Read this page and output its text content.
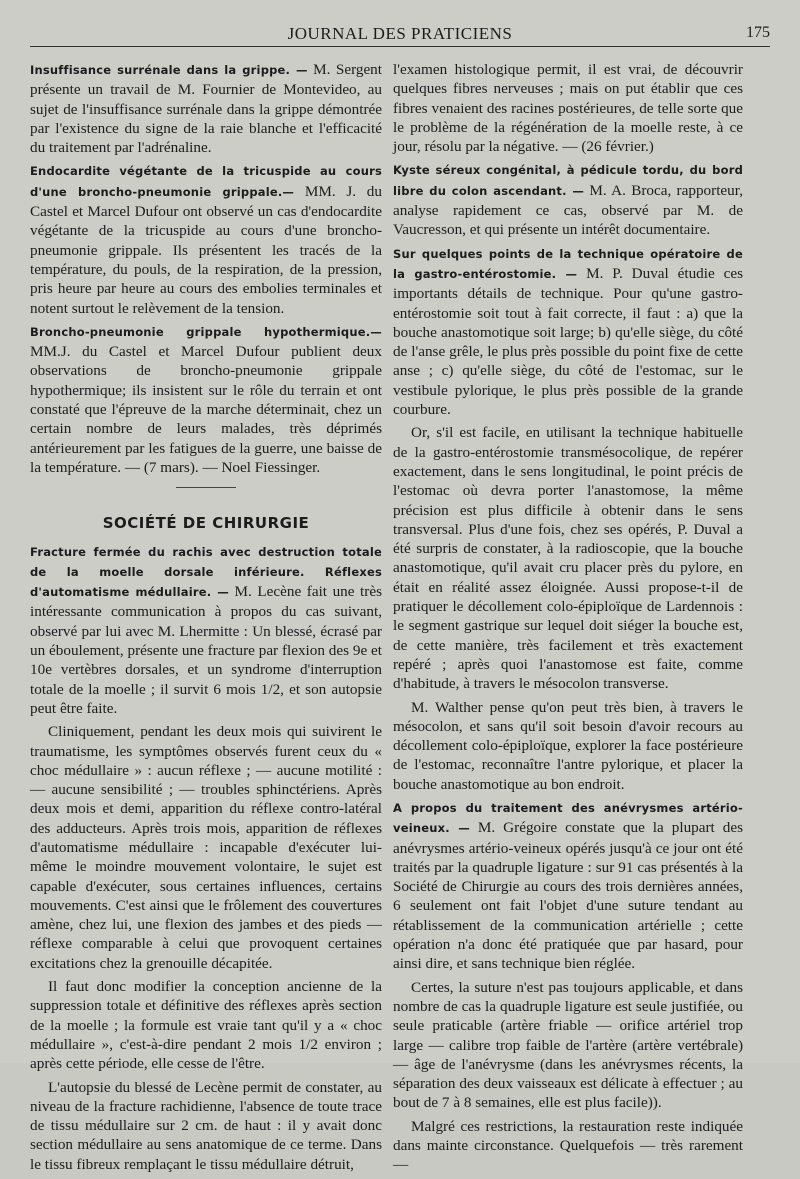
JOURNAL DES PRATICIENS	175

Insuffisance surrénale dans la grippe. — M. Sergent présente un travail de M. Fournier de Montevideo, au sujet de l'insuffisance surrénale dans la grippe démontrée par l'existence du signe de la raie blanche et l'efficacité du traitement par l'adrénaline.

Endocardite végétante de la tricuspide au cours d'une broncho-pneumonie grippale.— MM. J. du Castel et Marcel Dufour ont observé un cas d'endocardite végétante de la tricuspide au cours d'une broncho-pneumonie grippale. Ils présentent les tracés de la température, du pouls, de la respiration, de la pression, pris heure par heure au cours des embolies terminales et notent surtout le relèvement de la tension.

Broncho-pneumonie grippale hypothermique.—MM.J. du Castel et Marcel Dufour publient deux observations de broncho-pneumonie grippale hypothermique; ils insistent sur le rôle du terrain et ont constaté que l'épreuve de la marche déterminait, chez un certain nombre de leurs malades, très déprimés antérieurement par les fatigues de la guerre, une baisse de la température. — (7 mars). — Noel Fiessinger.

SOCIÉTÉ DE CHIRURGIE

Fracture fermée du rachis avec destruction totale de la moelle dorsale inférieure. Réflexes d'automatisme médullaire. — M. Lecène fait une très intéressante communication à propos du cas suivant, observé par lui avec M. Lhermitte : Un blessé, écrasé par un éboulement, présente une fracture par flexion des 9e et 10e vertèbres dorsales, et un syndrome d'interruption totale de la moelle ; il survit 6 mois 1/2, et son autopsie peut être faite.

Cliniquement, pendant les deux mois qui suivirent le traumatisme, les symptômes observés furent ceux du « choc médullaire » : aucun réflexe ; — aucune motilité : — aucune sensibilité ; — troubles sphinctériens. Après deux mois et demi, apparition du réflexe contro-latéral des adducteurs. Après trois mois, apparition de réflexes d'automatisme médullaire : incapable d'exécuter lui-même le moindre mouvement volontaire, le sujet est capable d'exécuter, sous certaines influences, certains mouvements. C'est ainsi que le frôlement des couvertures amène, chez lui, une flexion des jambes et des pieds — réflexe comparable à celui que provoquent certaines excitations chez la grenouille décapitée.

Il faut donc modifier la conception ancienne de la suppression totale et définitive des réflexes après section de la moelle ; la formule est vraie tant qu'il y a « choc médullaire », c'est-à-dire pendant 2 mois 1/2 environ ; après cette période, elle cesse de l'être.

L'autopsie du blessé de Lecène permit de constater, au niveau de la fracture rachidienne, l'absence de toute trace de tissu médullaire sur 2 cm. de haut : il y avait donc section médullaire au sens anatomique de ce terme. Dans le tissu fibreux remplaçant le tissu médullaire détruit,

l'examen histologique permit, il est vrai, de découvrir quelques fibres nerveuses ; mais on put établir que ces fibres venaient des racines postérieures, de telle sorte que le problème de la régénération de la moelle reste, à ce jour, résolu par la négative. — (26 février.)

Kyste séreux congénital, à pédicule tordu, du bord libre du colon ascendant. — M. A. Broca, rapporteur, analyse rapidement ce cas, observé par M. de Vaucresson, et qui présente un intérêt documentaire.

Sur quelques points de la technique opératoire de la gastro-entérostomie. — M. P. Duval étudie ces importants détails de technique. Pour qu'une gastro-entérostomie soit tout à fait correcte, il faut : a) que la bouche anastomotique soit large; b) qu'elle siège, du côté de l'anse grêle, le plus près possible du point fixe de cette anse ; c) qu'elle siège, du côté de l'estomac, sur le vestibule pylorique, le plus près possible de la grande courbure.

Or, s'il est facile, en utilisant la technique habituelle de la gastro-entérostomie transmésocolique, de repérer exactement, dans le sens longitudinal, le point précis de l'estomac où devra porter l'anastomose, la même précision est plus difficile à obtenir dans le sens transversal. Plus d'une fois, chez ses opérés, P. Duval a été surpris de constater, à la radioscopie, que la bouche anastomotique, qu'il avait cru placer près du pylore, en était en réalité assez éloignée. Aussi propose-t-il de pratiquer le décollement colo-épiploïque de Lardennois : le segment gastrique sur lequel doit siéger la bouche est, de cette manière, très facilement et très exactement repéré ; après quoi l'anastomose est faite, comme d'habitude, à travers le mésocolon transverse.

M. Walther pense qu'on peut très bien, à travers le mésocolon, et sans qu'il soit besoin d'avoir recours au décollement colo-épiploïque, explorer la face postérieure de l'estomac, reconnaître l'antre pylorique, et placer la bouche anastomotique au bon endroit.

A propos du traitement des anévrysmes artério-veineux. — M. Grégoire constate que la plupart des anévrysmes artério-veineux opérés jusqu'à ce jour ont été traités par la quadruple ligature : sur 91 cas présentés à la Société de Chirurgie au cours des trois dernières années, 6 seulement ont fait l'objet d'une suture tendant au rétablissement de la communication artérielle ; cette opération n'a donc été pratiquée que par hasard, pour ainsi dire, et sans technique bien réglée.

Certes, la suture n'est pas toujours applicable, et dans nombre de cas la quadruple ligature est seule justifiée, ou seule praticable (artère friable — orifice artériel trop large — calibre trop faible de l'artère (artère vertébrale) — âge de l'anévrysme (dans les anévrysmes récents, la séparation des deux vaisseaux est délicate à effectuer ; au bout de 7 à 8 semaines, elle est plus facile)).

Malgré ces restrictions, la restauration reste indiquée dans mainte circonstance. Quelquefois — très rarement —
